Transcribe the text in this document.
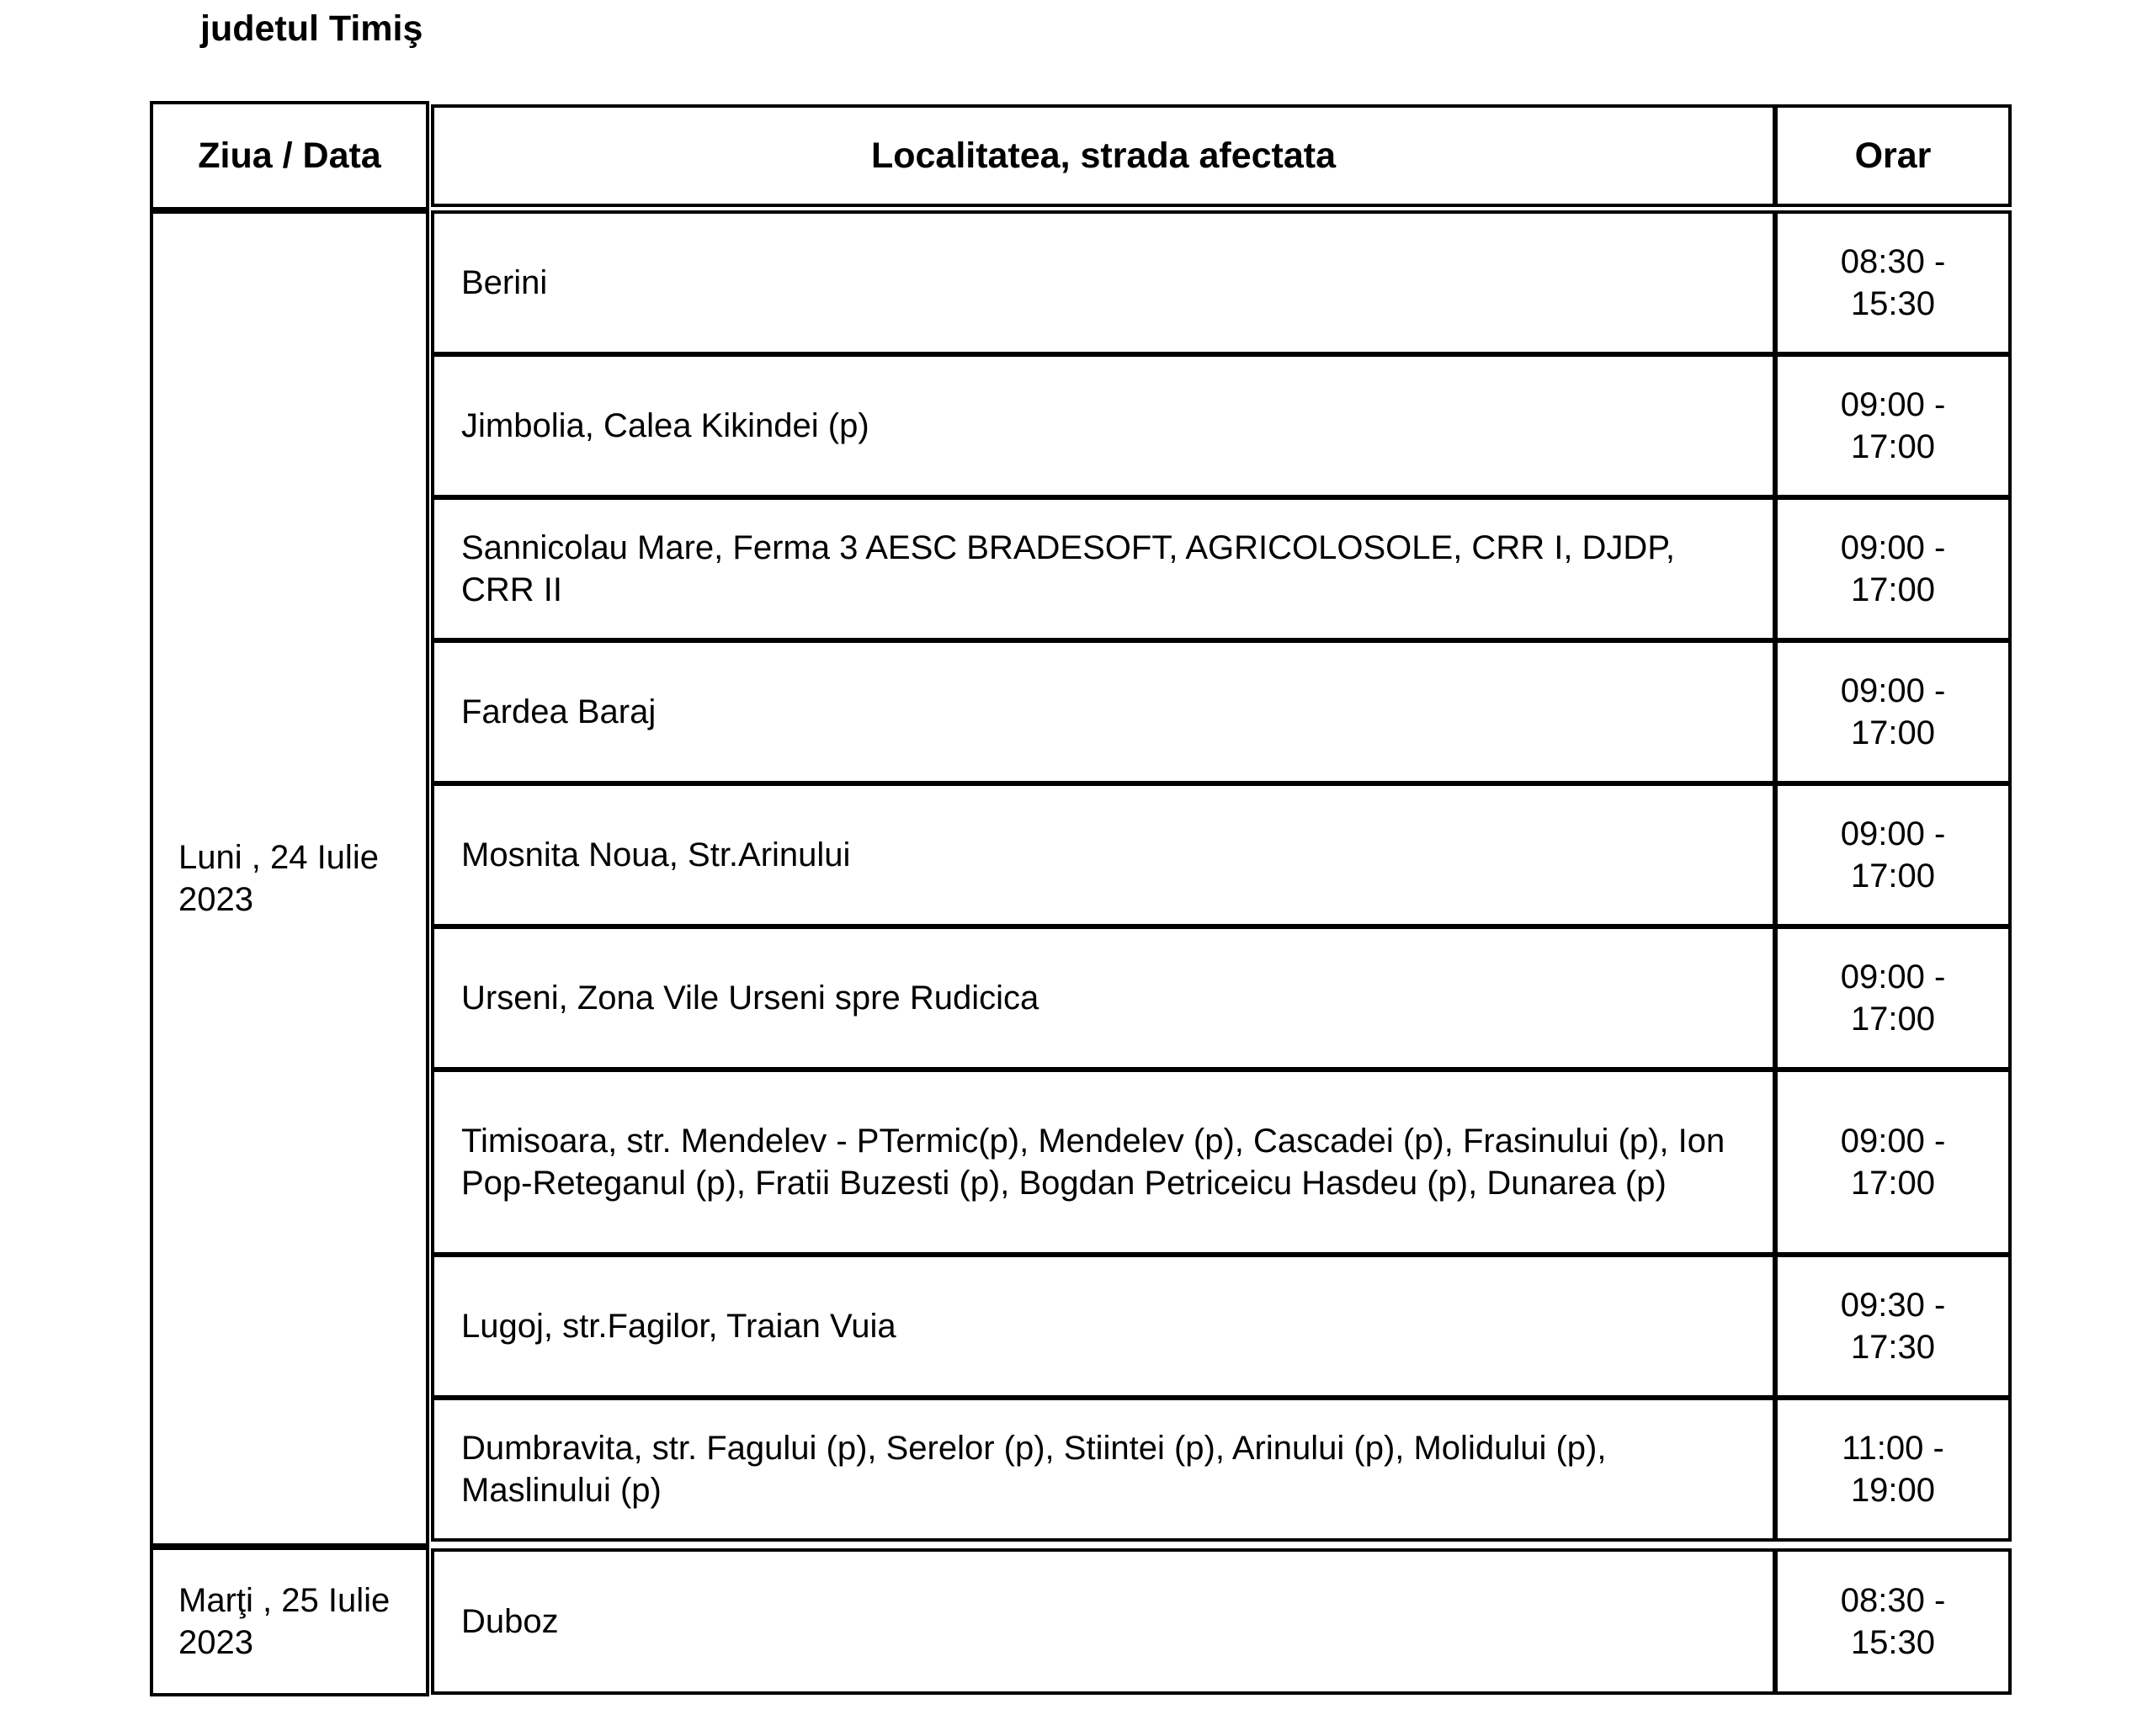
judetul Timiş
Ziua / Data	Localitatea, strada afectata	Orar
Luni , 24 Iulie 2023
Marţi , 25 Iulie 2023
Berini
08:30 - 15:30
Jimbolia, Calea Kikindei (p)
09:00 - 17:00
Sannicolau Mare, Ferma 3 AESC BRADESOFT, AGRICOLOSOLE, CRR I, DJDP, CRR II
09:00 - 17:00
Fardea Baraj
09:00 - 17:00
Mosnita Noua, Str.Arinului
09:00 - 17:00
Urseni, Zona Vile Urseni spre Rudicica
09:00 - 17:00
Timisoara, str. Mendelev - PTermic(p), Mendelev (p), Cascadei (p), Frasinului (p), Ion Pop-Reteganul (p), Fratii Buzesti (p), Bogdan Petriceicu Hasdeu (p), Dunarea (p)
09:00 - 17:00
Lugoj, str.Fagilor, Traian Vuia
09:30 - 17:30
Dumbravita, str. Fagului (p), Serelor (p), Stiintei (p), Arinului (p), Molidului (p), Maslinului (p)
11:00 - 19:00
Duboz
08:30 - 15:30
